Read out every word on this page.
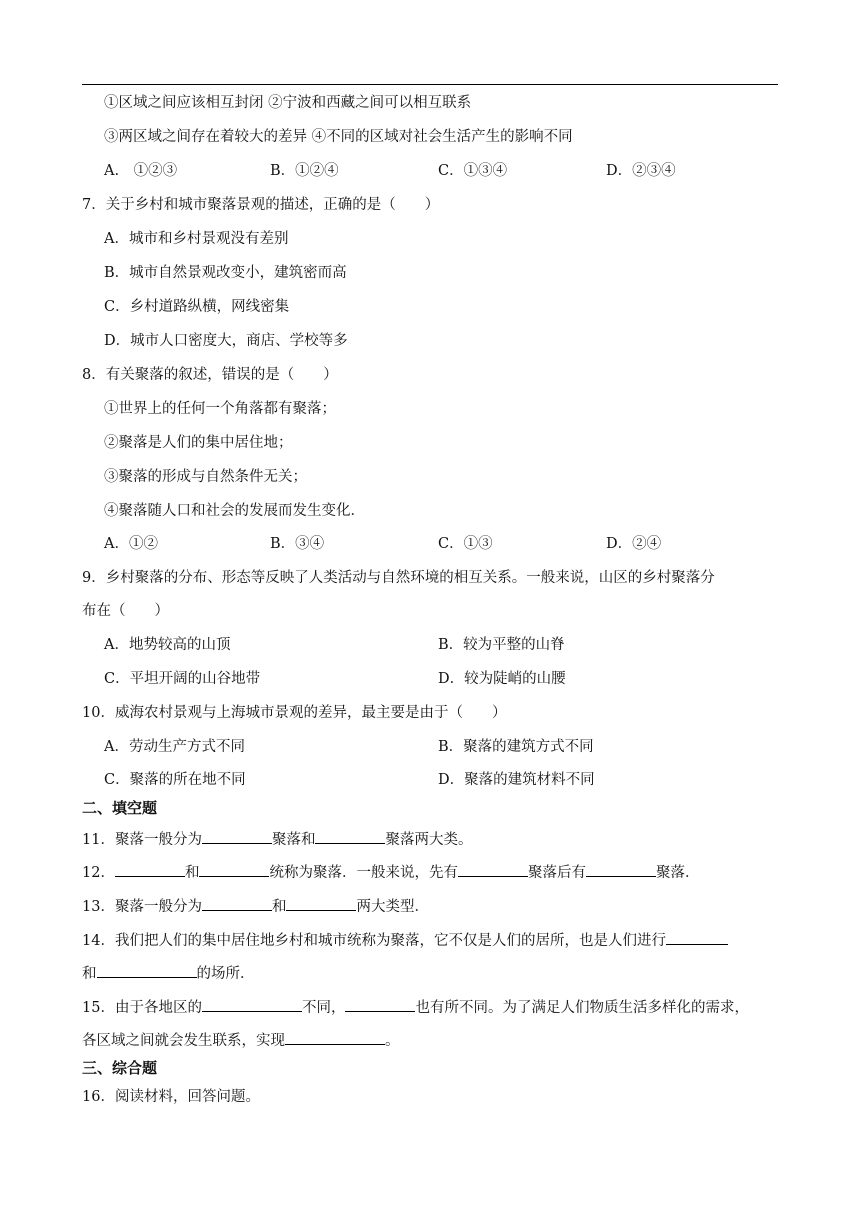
①区域之间应该相互封闭 ②宁波和西藏之间可以相互联系
③两区域之间存在着较大的差异 ④不同的区域对社会生活产生的影响不同
A.　①②③	B．①②④	C．①③④	D．②③④
7．关于乡村和城市聚落景观的描述，正确的是（　　）
A．城市和乡村景观没有差别
B．城市自然景观改变小，建筑密而高
C．乡村道路纵横，网线密集
D．城市人口密度大，商店、学校等多
8．有关聚落的叙述，错误的是（　　）
①世界上的任何一个角落都有聚落；
②聚落是人们的集中居住地；
③聚落的形成与自然条件无关；
④聚落随人口和社会的发展而发生变化．
A．①②	B．③④	C．①③	D．②④
9．乡村聚落的分布、形态等反映了人类活动与自然环境的相互关系。一般来说，山区的乡村聚落分
布在（　　）
A．地势较高的山顶	B．较为平整的山脊
C．平坦开阔的山谷地带	D．较为陡峭的山腰
10．威海农村景观与上海城市景观的差异，最主要是由于（　　）
A．劳动生产方式不同	B．聚落的建筑方式不同
C．聚落的所在地不同	D．聚落的建筑材料不同
二、填空题
11．聚落一般分为	聚落和	聚落两大类。
12．	和	统称为聚落．一般来说，先有	聚落后有	聚落．
13．聚落一般分为	和	两大类型．
14．我们把人们的集中居住地乡村和城市统称为聚落，它不仅是人们的居所，也是人们进行
和	的场所．
15．由于各地区的	不同，	也有所不同。为了满足人们物质生活多样化的需求，
各区域之间就会发生联系，实现	。
三、综合题
16．阅读材料，回答问题。
